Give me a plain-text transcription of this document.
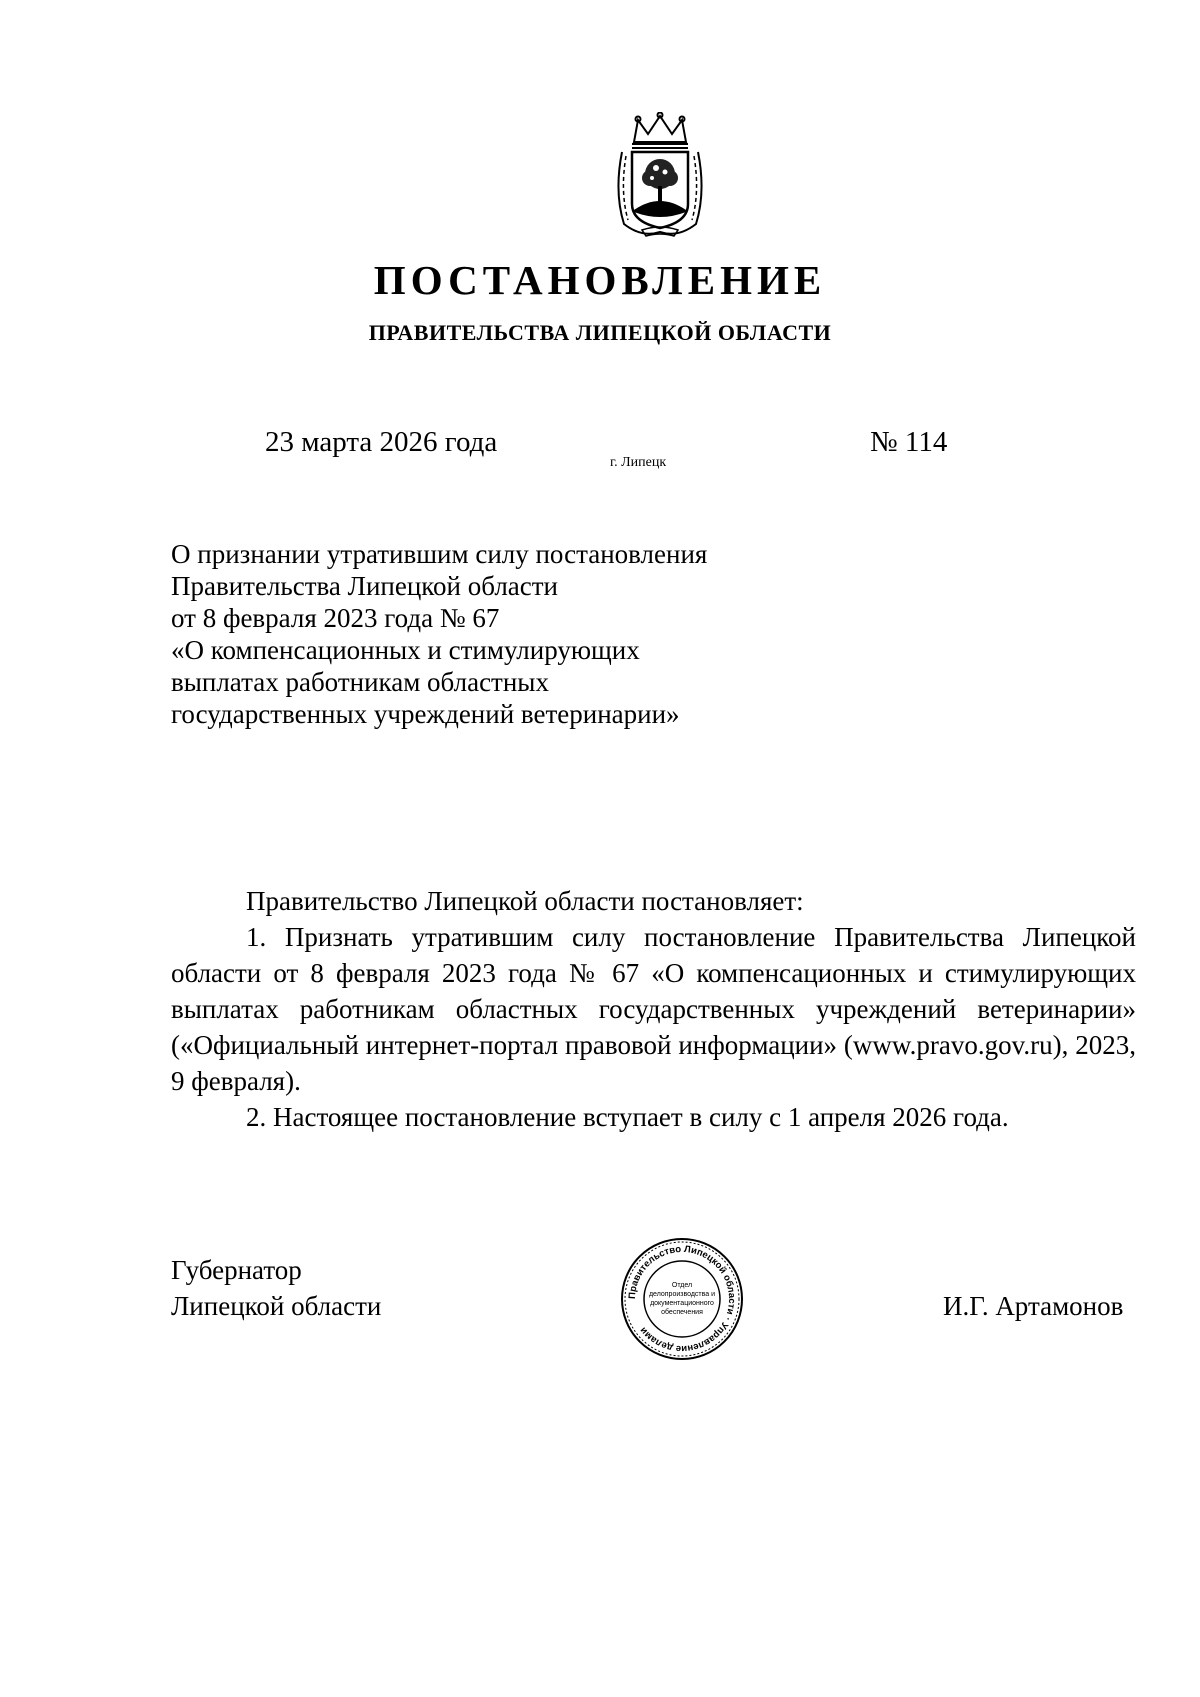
ПОСТАНОВЛЕНИЕ
ПРАВИТЕЛЬСТВА ЛИПЕЦКОЙ ОБЛАСТИ
23 марта 2026 года
г. Липецк
№ 114
О признании утратившим силу постановления
Правительства Липецкой области
от 8 февраля 2023 года № 67
«О компенсационных и стимулирующих
выплатах работникам областных
государственных учреждений ветеринарии»

Правительство Липецкой области постановляет:

1. Признать утратившим силу постановление Правительства Липецкой области от 8 февраля 2023 года № 67 «О компенсационных и стимулирующих выплатах работникам областных государственных учреждений ветеринарии» («Официальный интернет-портал правовой информации» (www.pravo.gov.ru), 2023, 9 февраля).

2. Настоящее постановление вступает в силу с 1 апреля 2026 года.

Губернатор
Липецкой области	Правительство Липецкой области · Управление делами
Отдел
делопроизводства и
документационного
обеспечения	И.Г. Артамонов
